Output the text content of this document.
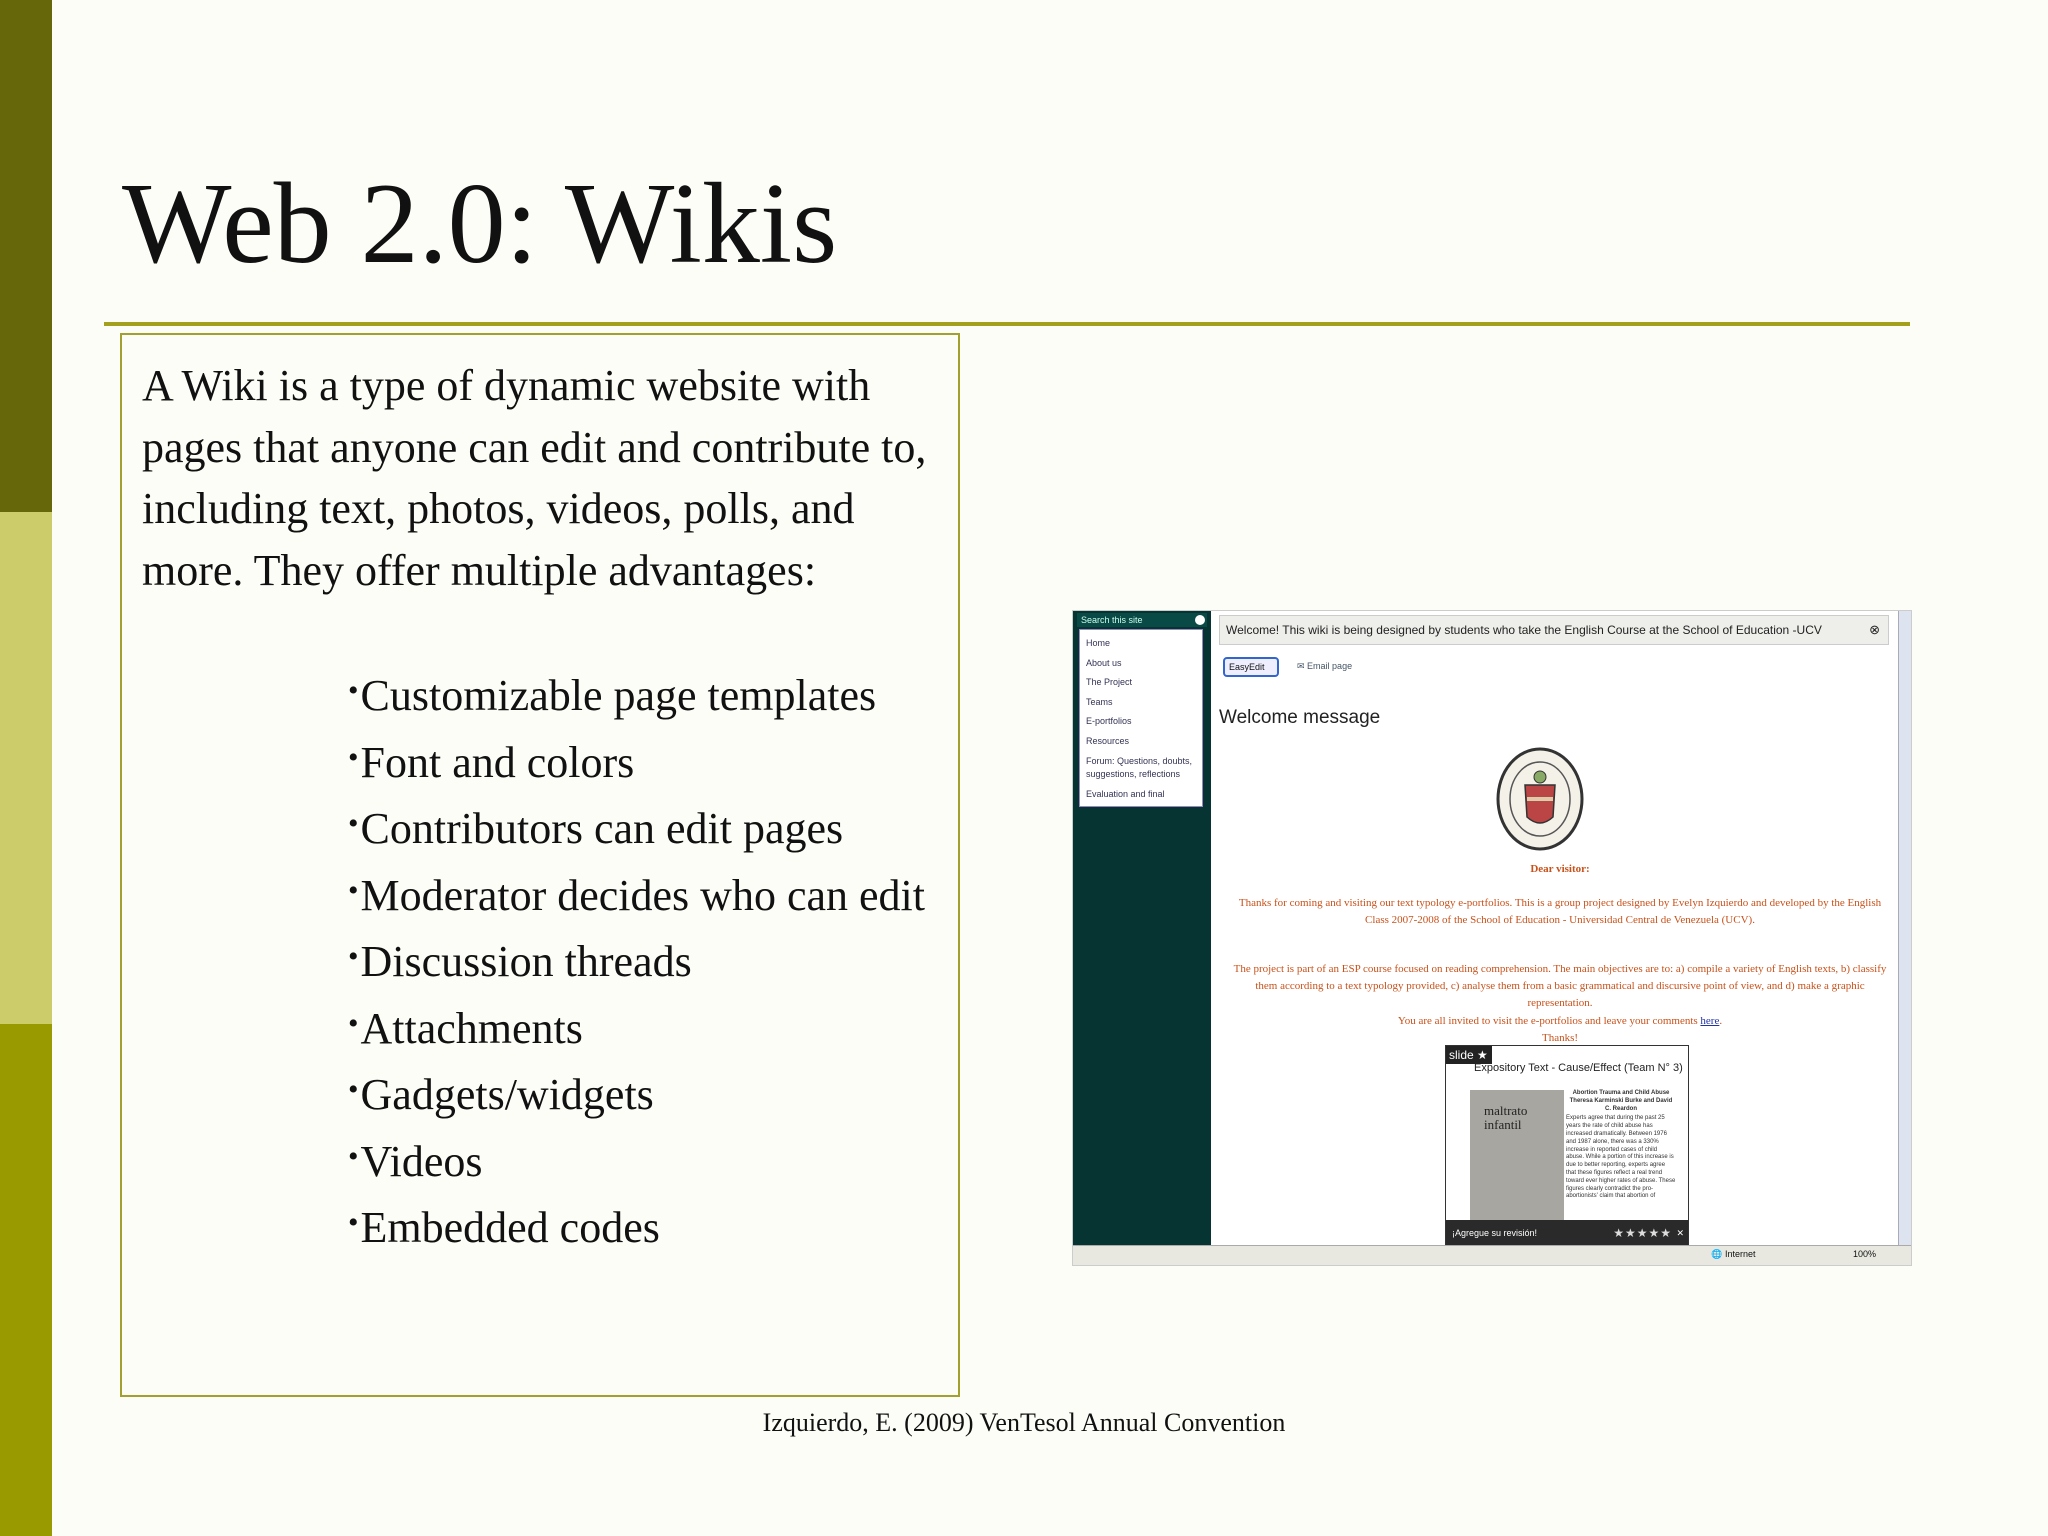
Web 2.0: Wikis
A Wiki is a type of dynamic website with pages that anyone can edit and contribute to, including text, photos, videos, polls, and more. They offer multiple advantages:
•Customizable page templates
•Font and colors
•Contributors can edit pages
•Moderator decides who can edit
•Discussion threads
•Attachments
•Gadgets/widgets
•Videos
•Embedded codes
Search this site
Home
About us
The Project
Teams
E-portfolios
Resources
Forum: Questions, doubts, suggestions, reflections
Evaluation and final
Welcome! This wiki is being designed by students who take the English Course at the School of Education -UCV	⊗
EasyEdit	✉ Email page
Welcome message
Dear visitor:
Thanks for coming and visiting our text typology e-portfolios. This is a group project designed by Evelyn Izquierdo and developed by the English Class 2007-2008 of the School of Education - Universidad Central de Venezuela (UCV).
The project is part of an ESP course focused on reading comprehension. The main objectives are to: a) compile a variety of English texts, b) classify them according to a text typology provided, c) analyse them from a basic grammatical and discursive point of view, and d) make a graphic representation.
You are all invited to visit the e-portfolios and leave your comments here.
Thanks!
slide ★
Expository Text - Cause/Effect (Team N° 3)
maltrato infantil
Abortion Trauma and Child Abuse Theresa Karminski Burke and David C. Reardon
Experts agree that during the past 25 years the rate of child abuse has increased dramatically. Between 1976 and 1987 alone, there was a 330% increase in reported cases of child abuse. While a portion of this increase is due to better reporting, experts agree that these figures reflect a real trend toward ever higher rates of abuse. These figures clearly contradict the pro-abortionists' claim that abortion of
¡Agregue su revisión!	★★★★★ ✕
🌐 Internet	100%
Izquierdo, E. (2009) VenTesol Annual Convention
